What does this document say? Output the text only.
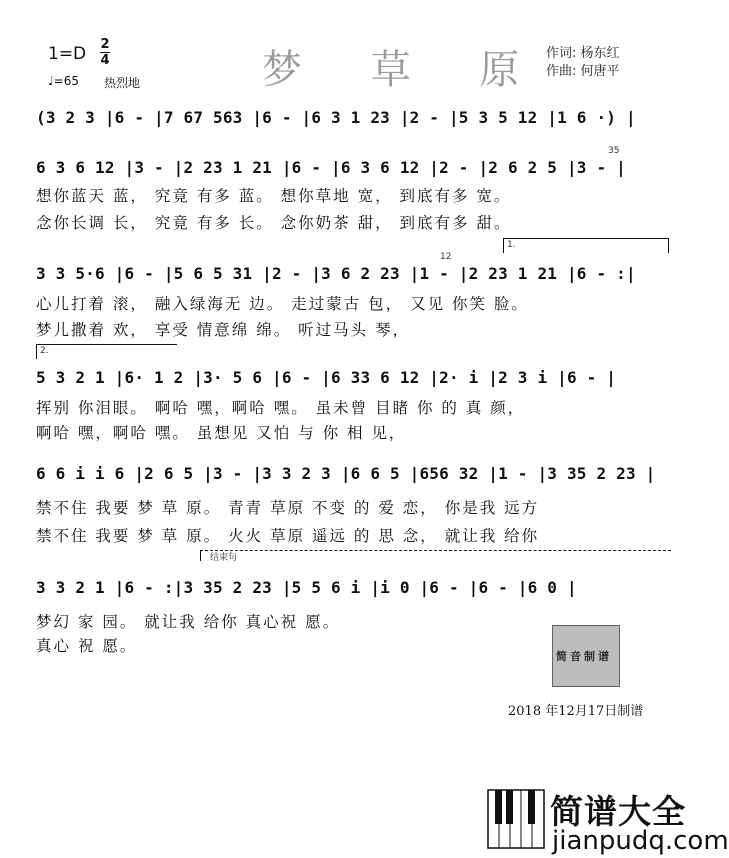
梦 草 原
1=D 2
4
♩=65 热烈地
作词: 杨东红
作曲: 何唐平
(3 2 3 |6 - |7 67 563 |6 - |6 3 1 23 |2 - |5 3 5 12 |1 6 ·) |
35
6 3 6 12 |3 - |2 23 1 21 |6 - |6 3 6 12 |2 - |2 6 2 5 |3 - |
想你蓝天 蓝， 究竟 有多 蓝。 想你草地 宽， 到底有多 宽。
念你长调 长， 究竟 有多 长。 念你奶茶 甜， 到底有多 甜。
1.
12
3 3 5·6 |6 - |5 6 5 31 |2 - |3 6 2 23 |1 - |2 23 1 21 |6 - :|
心儿打着 滚， 融入绿海无 边。 走过蒙古 包， 又见 你笑 脸。
梦儿撒着 欢， 享受 情意绵 绵。 听过马头 琴，
2.
5 3 2 1 |6· 1 2 |3· 5 6 |6 - |6 33 6 12 |2· i |2 3 i |6 - |
挥别 你泪眼。 啊哈 嘿，啊哈 嘿。 虽未曾 目睹 你 的 真 颜，
啊哈 嘿，啊哈 嘿。 虽想见 又怕 与 你 相 见，
6 6 i i 6 |2 6 5 |3 - |3 3 2 3 |6 6 5 |656 32 |1 - |3 35 2 23 |
禁不住 我要 梦 草 原。 青青 草原 不变 的 爱 恋， 你是我 远方
禁不住 我要 梦 草 原。 火火 草原 遥远 的 思 念， 就让我 给你
结束句
3 3 2 1 |6 - :|3 35 2 23 |5 5 6 i |i 0 |6 - |6 - |6 0 |
梦幻 家 园。 就让我 给你 真心祝 愿。
真心 祝 愿。
简音制谱
2018 年12月17日制谱
简谱大全
jianpudq.com
